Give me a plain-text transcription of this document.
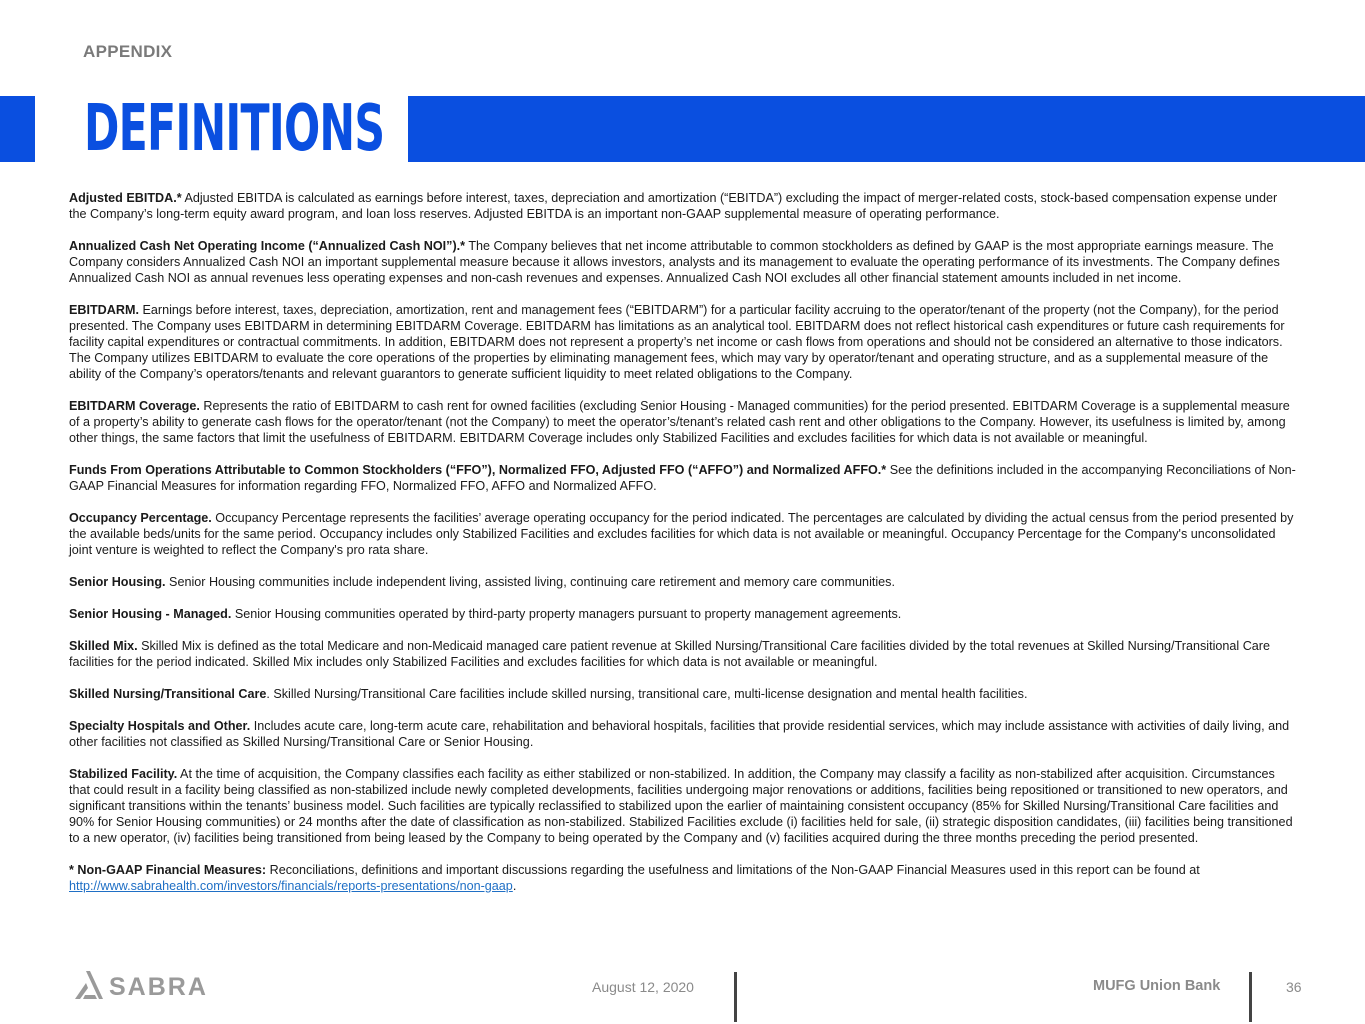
APPENDIX
DEFINITIONS

Adjusted EBITDA.* Adjusted EBITDA is calculated as earnings before interest, taxes, depreciation and amortization (“EBITDA”) excluding the impact of merger-related costs, stock-based compensation expense under the Company’s long-term equity award program, and loan loss reserves. Adjusted EBITDA is an important non-GAAP supplemental measure of operating performance.

Annualized Cash Net Operating Income (“Annualized Cash NOI”).* The Company believes that net income attributable to common stockholders as defined by GAAP is the most appropriate earnings measure. The Company considers Annualized Cash NOI an important supplemental measure because it allows investors, analysts and its management to evaluate the operating performance of its investments. The Company defines Annualized Cash NOI as annual revenues less operating expenses and non-cash revenues and expenses. Annualized Cash NOI excludes all other financial statement amounts included in net income.

EBITDARM. Earnings before interest, taxes, depreciation, amortization, rent and management fees (“EBITDARM”) for a particular facility accruing to the operator/tenant of the property (not the Company), for the period presented. The Company uses EBITDARM in determining EBITDARM Coverage. EBITDARM has limitations as an analytical tool. EBITDARM does not reflect historical cash expenditures or future cash requirements for facility capital expenditures or contractual commitments. In addition, EBITDARM does not represent a property’s net income or cash flows from operations and should not be considered an alternative to those indicators. The Company utilizes EBITDARM to evaluate the core operations of the properties by eliminating management fees, which may vary by operator/tenant and operating structure, and as a supplemental measure of the ability of the Company’s operators/tenants and relevant guarantors to generate sufficient liquidity to meet related obligations to the Company.

EBITDARM Coverage. Represents the ratio of EBITDARM to cash rent for owned facilities (excluding Senior Housing - Managed communities) for the period presented. EBITDARM Coverage is a supplemental measure of a property’s ability to generate cash flows for the operator/tenant (not the Company) to meet the operator’s/tenant’s related cash rent and other obligations to the Company. However, its usefulness is limited by, among other things, the same factors that limit the usefulness of EBITDARM. EBITDARM Coverage includes only Stabilized Facilities and excludes facilities for which data is not available or meaningful.

Funds From Operations Attributable to Common Stockholders (“FFO”), Normalized FFO, Adjusted FFO (“AFFO”) and Normalized AFFO.* See the definitions included in the accompanying Reconciliations of Non-GAAP Financial Measures for information regarding FFO, Normalized FFO, AFFO and Normalized AFFO.

Occupancy Percentage. Occupancy Percentage represents the facilities’ average operating occupancy for the period indicated. The percentages are calculated by dividing the actual census from the period presented by the available beds/units for the same period. Occupancy includes only Stabilized Facilities and excludes facilities for which data is not available or meaningful. Occupancy Percentage for the Company's unconsolidated joint venture is weighted to reflect the Company's pro rata share.

Senior Housing. Senior Housing communities include independent living, assisted living, continuing care retirement and memory care communities.

Senior Housing - Managed. Senior Housing communities operated by third-party property managers pursuant to property management agreements.

Skilled Mix. Skilled Mix is defined as the total Medicare and non-Medicaid managed care patient revenue at Skilled Nursing/Transitional Care facilities divided by the total revenues at Skilled Nursing/Transitional Care facilities for the period indicated. Skilled Mix includes only Stabilized Facilities and excludes facilities for which data is not available or meaningful.

Skilled Nursing/Transitional Care. Skilled Nursing/Transitional Care facilities include skilled nursing, transitional care, multi-license designation and mental health facilities.

Specialty Hospitals and Other. Includes acute care, long-term acute care, rehabilitation and behavioral hospitals, facilities that provide residential services, which may include assistance with activities of daily living, and other facilities not classified as Skilled Nursing/Transitional Care or Senior Housing.

Stabilized Facility. At the time of acquisition, the Company classifies each facility as either stabilized or non-stabilized. In addition, the Company may classify a facility as non-stabilized after acquisition. Circumstances that could result in a facility being classified as non-stabilized include newly completed developments, facilities undergoing major renovations or additions, facilities being repositioned or transitioned to new operators, and significant transitions within the tenants’ business model. Such facilities are typically reclassified to stabilized upon the earlier of maintaining consistent occupancy (85% for Skilled Nursing/Transitional Care facilities and 90% for Senior Housing communities) or 24 months after the date of classification as non-stabilized. Stabilized Facilities exclude (i) facilities held for sale, (ii) strategic disposition candidates, (iii) facilities being transitioned to a new operator, (iv) facilities being transitioned from being leased by the Company to being operated by the Company and (v) facilities acquired during the three months preceding the period presented.

* Non-GAAP Financial Measures: Reconciliations, definitions and important discussions regarding the usefulness and limitations of the Non-GAAP Financial Measures used in this report can be found at http://www.sabrahealth.com/investors/financials/reports-presentations/non-gaap.

SABRA	August 12, 2020	MUFG Union Bank	36
